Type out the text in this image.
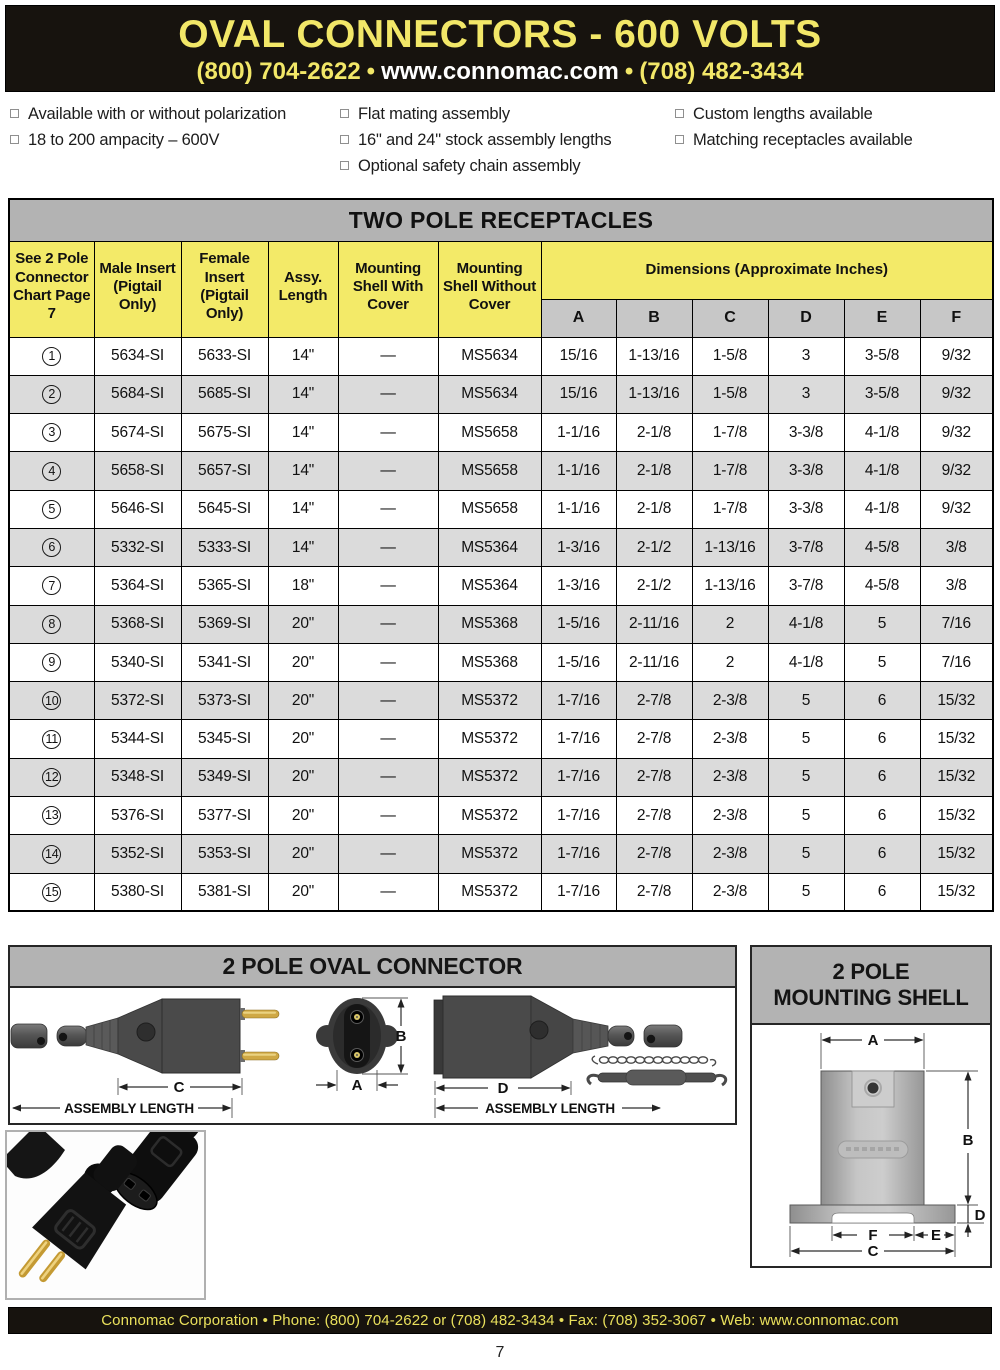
OVAL CONNECTORS - 600 VOLTS
(800) 704-2622 • www.connomac.com • (708) 482-3434
Available with or without polarization
18 to 200 ampacity – 600V
Flat mating assembly
16" and 24" stock assembly lengths
Optional safety chain assembly
Custom lengths available
Matching receptacles available
TWO POLE RECEPTACLES											
See 2 Pole Connector Chart Page 7	Male Insert (Pigtail Only)	Female Insert (Pigtail Only)	Assy. Length	Mounting Shell With Cover	Mounting Shell Without Cover	Dimensions (Approximate Inches)					
						A	B	C	D	E	F
1	5634-SI	5633-SI	14"	—	MS5634	15/16	1-13/16	1-5/8	3	3-5/8	9/32
2	5684-SI	5685-SI	14"	—	MS5634	15/16	1-13/16	1-5/8	3	3-5/8	9/32
3	5674-SI	5675-SI	14"	—	MS5658	1-1/16	2-1/8	1-7/8	3-3/8	4-1/8	9/32
4	5658-SI	5657-SI	14"	—	MS5658	1-1/16	2-1/8	1-7/8	3-3/8	4-1/8	9/32
5	5646-SI	5645-SI	14"	—	MS5658	1-1/16	2-1/8	1-7/8	3-3/8	4-1/8	9/32
6	5332-SI	5333-SI	14"	—	MS5364	1-3/16	2-1/2	1-13/16	3-7/8	4-5/8	3/8
7	5364-SI	5365-SI	18"	—	MS5364	1-3/16	2-1/2	1-13/16	3-7/8	4-5/8	3/8
8	5368-SI	5369-SI	20"	—	MS5368	1-5/16	2-11/16	2	4-1/8	5	7/16
9	5340-SI	5341-SI	20"	—	MS5368	1-5/16	2-11/16	2	4-1/8	5	7/16
10	5372-SI	5373-SI	20"	—	MS5372	1-7/16	2-7/8	2-3/8	5	6	15/32
11	5344-SI	5345-SI	20"	—	MS5372	1-7/16	2-7/8	2-3/8	5	6	15/32
12	5348-SI	5349-SI	20"	—	MS5372	1-7/16	2-7/8	2-3/8	5	6	15/32
13	5376-SI	5377-SI	20"	—	MS5372	1-7/16	2-7/8	2-3/8	5	6	15/32
14	5352-SI	5353-SI	20"	—	MS5372	1-7/16	2-7/8	2-3/8	5	6	15/32
15	5380-SI	5381-SI	20"	—	MS5372	1-7/16	2-7/8	2-3/8	5	6	15/32
2 POLE OVAL CONNECTOR
C
ASSEMBLY LENGTH
B
A	D
ASSEMBLY LENGTH
2 POLE
MOUNTING SHELL
A
B
D
F	E
C
Connomac Corporation • Phone: (800) 704-2622 or (708) 482-3434 • Fax: (708) 352-3067 • Web: www.connomac.com
7
